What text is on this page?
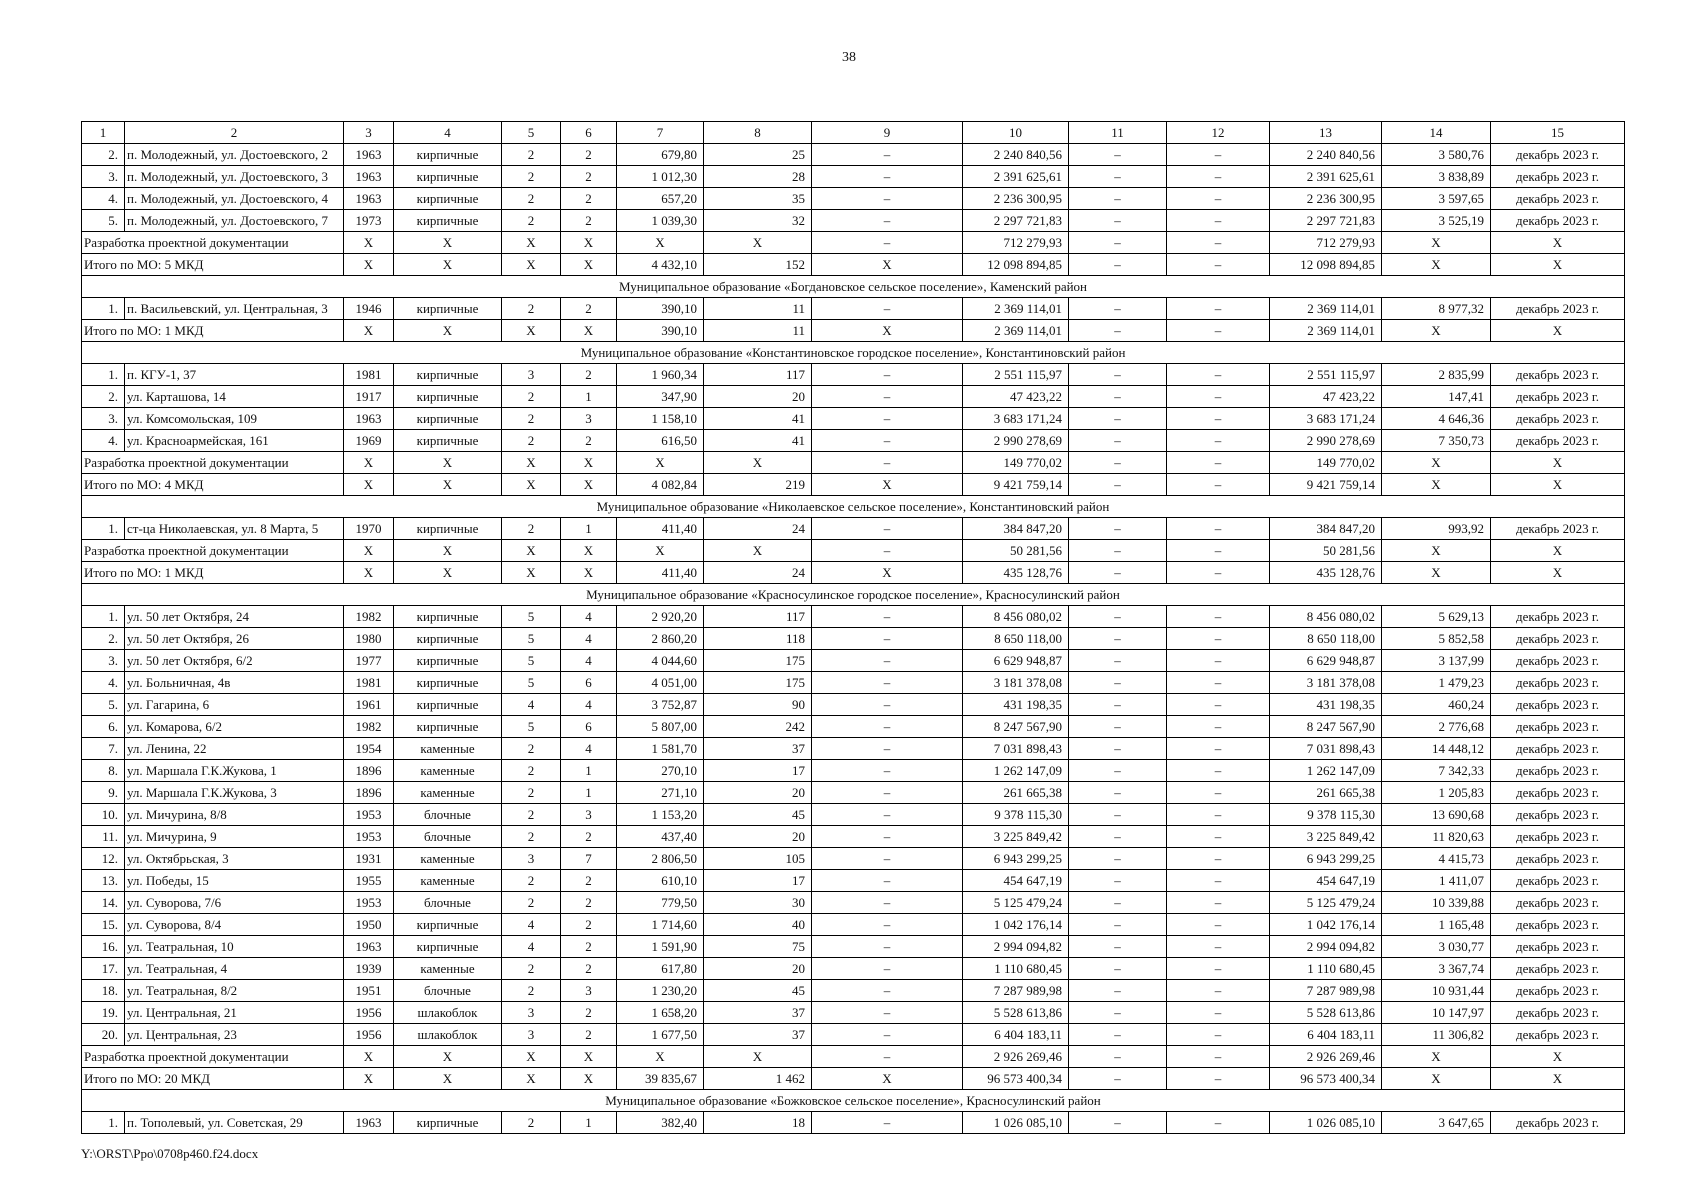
38
1	2	3	4	5	6	7	8	9	10	11	12	13	14	15
2.	п. Молодежный, ул. Достоевского, 2	1963	кирпичные	2	2	679,80	25	–	2 240 840,56	–	–	2 240 840,56	3 580,76	декабрь 2023 г.
3.	п. Молодежный, ул. Достоевского, 3	1963	кирпичные	2	2	1 012,30	28	–	2 391 625,61	–	–	2 391 625,61	3 838,89	декабрь 2023 г.
4.	п. Молодежный, ул. Достоевского, 4	1963	кирпичные	2	2	657,20	35	–	2 236 300,95	–	–	2 236 300,95	3 597,65	декабрь 2023 г.
5.	п. Молодежный, ул. Достоевского, 7	1973	кирпичные	2	2	1 039,30	32	–	2 297 721,83	–	–	2 297 721,83	3 525,19	декабрь 2023 г.
Разработка проектной документации		Х	Х	Х	Х	Х	Х	–	712 279,93	–	–	712 279,93	Х	Х
Итого по МО: 5 МКД		Х	Х	Х	Х	4 432,10	152	Х	12 098 894,85	–	–	12 098 894,85	Х	Х
Муниципальное образование «Богдановское сельское поселение», Каменский район														
1.	п. Васильевский, ул. Центральная, 3	1946	кирпичные	2	2	390,10	11	–	2 369 114,01	–	–	2 369 114,01	8 977,32	декабрь 2023 г.
Итого по МО: 1 МКД		Х	Х	Х	Х	390,10	11	Х	2 369 114,01	–	–	2 369 114,01	Х	Х
Муниципальное образование «Константиновское городское поселение», Константиновский район														
1.	п. КГУ-1, 37	1981	кирпичные	3	2	1 960,34	117	–	2 551 115,97	–	–	2 551 115,97	2 835,99	декабрь 2023 г.
2.	ул. Карташова, 14	1917	кирпичные	2	1	347,90	20	–	47 423,22	–	–	47 423,22	147,41	декабрь 2023 г.
3.	ул. Комсомольская, 109	1963	кирпичные	2	3	1 158,10	41	–	3 683 171,24	–	–	3 683 171,24	4 646,36	декабрь 2023 г.
4.	ул. Красноармейская, 161	1969	кирпичные	2	2	616,50	41	–	2 990 278,69	–	–	2 990 278,69	7 350,73	декабрь 2023 г.
Разработка проектной документации		Х	Х	Х	Х	Х	Х	–	149 770,02	–	–	149 770,02	Х	Х
Итого по МО: 4 МКД		Х	Х	Х	Х	4 082,84	219	Х	9 421 759,14	–	–	9 421 759,14	Х	Х
Муниципальное образование «Николаевское сельское поселение», Константиновский район														
1.	ст-ца Николаевская, ул. 8 Марта, 5	1970	кирпичные	2	1	411,40	24	–	384 847,20	–	–	384 847,20	993,92	декабрь 2023 г.
Разработка проектной документации		Х	Х	Х	Х	Х	Х	–	50 281,56	–	–	50 281,56	Х	Х
Итого по МО: 1 МКД		Х	Х	Х	Х	411,40	24	Х	435 128,76	–	–	435 128,76	Х	Х
Муниципальное образование «Красносулинское городское поселение», Красносулинский район														
1.	ул. 50 лет Октября, 24	1982	кирпичные	5	4	2 920,20	117	–	8 456 080,02	–	–	8 456 080,02	5 629,13	декабрь 2023 г.
2.	ул. 50 лет Октября, 26	1980	кирпичные	5	4	2 860,20	118	–	8 650 118,00	–	–	8 650 118,00	5 852,58	декабрь 2023 г.
3.	ул. 50 лет Октября, 6/2	1977	кирпичные	5	4	4 044,60	175	–	6 629 948,87	–	–	6 629 948,87	3 137,99	декабрь 2023 г.
4.	ул. Больничная, 4в	1981	кирпичные	5	6	4 051,00	175	–	3 181 378,08	–	–	3 181 378,08	1 479,23	декабрь 2023 г.
5.	ул. Гагарина, 6	1961	кирпичные	4	4	3 752,87	90	–	431 198,35	–	–	431 198,35	460,24	декабрь 2023 г.
6.	ул. Комарова, 6/2	1982	кирпичные	5	6	5 807,00	242	–	8 247 567,90	–	–	8 247 567,90	2 776,68	декабрь 2023 г.
7.	ул. Ленина, 22	1954	каменные	2	4	1 581,70	37	–	7 031 898,43	–	–	7 031 898,43	14 448,12	декабрь 2023 г.
8.	ул. Маршала Г.К.Жукова, 1	1896	каменные	2	1	270,10	17	–	1 262 147,09	–	–	1 262 147,09	7 342,33	декабрь 2023 г.
9.	ул. Маршала Г.К.Жукова, 3	1896	каменные	2	1	271,10	20	–	261 665,38	–	–	261 665,38	1 205,83	декабрь 2023 г.
10.	ул. Мичурина, 8/8	1953	блочные	2	3	1 153,20	45	–	9 378 115,30	–	–	9 378 115,30	13 690,68	декабрь 2023 г.
11.	ул. Мичурина, 9	1953	блочные	2	2	437,40	20	–	3 225 849,42	–	–	3 225 849,42	11 820,63	декабрь 2023 г.
12.	ул. Октябрьская, 3	1931	каменные	3	7	2 806,50	105	–	6 943 299,25	–	–	6 943 299,25	4 415,73	декабрь 2023 г.
13.	ул. Победы, 15	1955	каменные	2	2	610,10	17	–	454 647,19	–	–	454 647,19	1 411,07	декабрь 2023 г.
14.	ул. Суворова, 7/6	1953	блочные	2	2	779,50	30	–	5 125 479,24	–	–	5 125 479,24	10 339,88	декабрь 2023 г.
15.	ул. Суворова, 8/4	1950	кирпичные	4	2	1 714,60	40	–	1 042 176,14	–	–	1 042 176,14	1 165,48	декабрь 2023 г.
16.	ул. Театральная, 10	1963	кирпичные	4	2	1 591,90	75	–	2 994 094,82	–	–	2 994 094,82	3 030,77	декабрь 2023 г.
17.	ул. Театральная, 4	1939	каменные	2	2	617,80	20	–	1 110 680,45	–	–	1 110 680,45	3 367,74	декабрь 2023 г.
18.	ул. Театральная, 8/2	1951	блочные	2	3	1 230,20	45	–	7 287 989,98	–	–	7 287 989,98	10 931,44	декабрь 2023 г.
19.	ул. Центральная, 21	1956	шлакоблок	3	2	1 658,20	37	–	5 528 613,86	–	–	5 528 613,86	10 147,97	декабрь 2023 г.
20.	ул. Центральная, 23	1956	шлакоблок	3	2	1 677,50	37	–	6 404 183,11	–	–	6 404 183,11	11 306,82	декабрь 2023 г.
Разработка проектной документации		Х	Х	Х	Х	Х	Х	–	2 926 269,46	–	–	2 926 269,46	Х	Х
Итого по МО: 20 МКД		Х	Х	Х	Х	39 835,67	1 462	Х	96 573 400,34	–	–	96 573 400,34	Х	Х
Муниципальное образование «Божковское сельское поселение», Красносулинский район														
1.	п. Тополевый, ул. Советская, 29	1963	кирпичные	2	1	382,40	18	–	1 026 085,10	–	–	1 026 085,10	3 647,65	декабрь 2023 г.
Y:\ORST\Ppo\0708p460.f24.docx
